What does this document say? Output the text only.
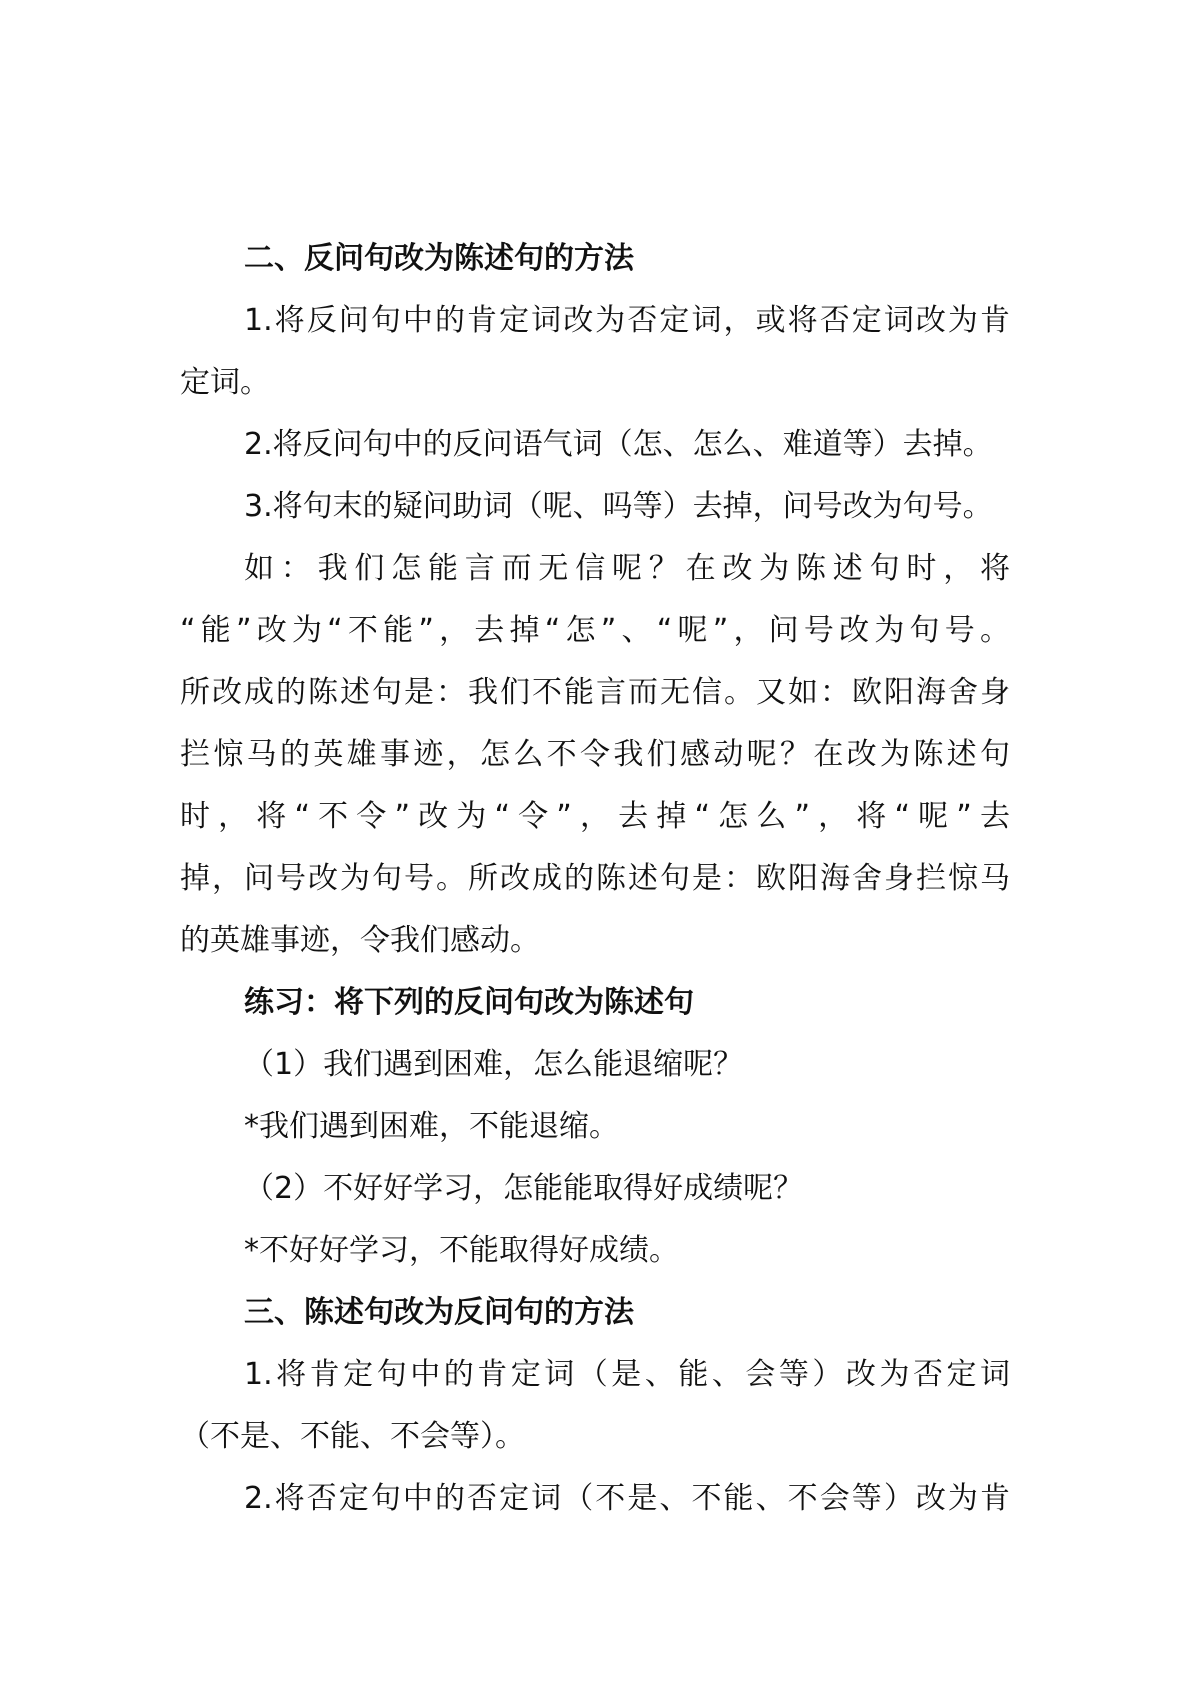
二、反问句改为陈述句的方法
1.将反问句中的肯定词改为否定词，或将否定词改为肯
定词。
2.将反问句中的反问语气词（怎、怎么、难道等）去掉。
3.将句末的疑问助词（呢、吗等）去掉，问号改为句号。
如：我们怎能言而无信呢？在改为陈述句时，将
“能”改为“不能”，去掉“怎”、“呢”，问号改为句号。
所改成的陈述句是：我们不能言而无信。又如：欧阳海舍身
拦惊马的英雄事迹，怎么不令我们感动呢？在改为陈述句
时，将“不令”改为“令”，去掉“怎么”，将“呢”去
掉，问号改为句号。所改成的陈述句是：欧阳海舍身拦惊马
的英雄事迹，令我们感动。
练习：将下列的反问句改为陈述句
（1）我们遇到困难，怎么能退缩呢？
*我们遇到困难，不能退缩。
（2）不好好学习，怎能能取得好成绩呢？
*不好好学习，不能取得好成绩。
三、陈述句改为反问句的方法
1.将肯定句中的肯定词（是、能、会等）改为否定词
（不是、不能、不会等）。
2.将否定句中的否定词（不是、不能、不会等）改为肯
